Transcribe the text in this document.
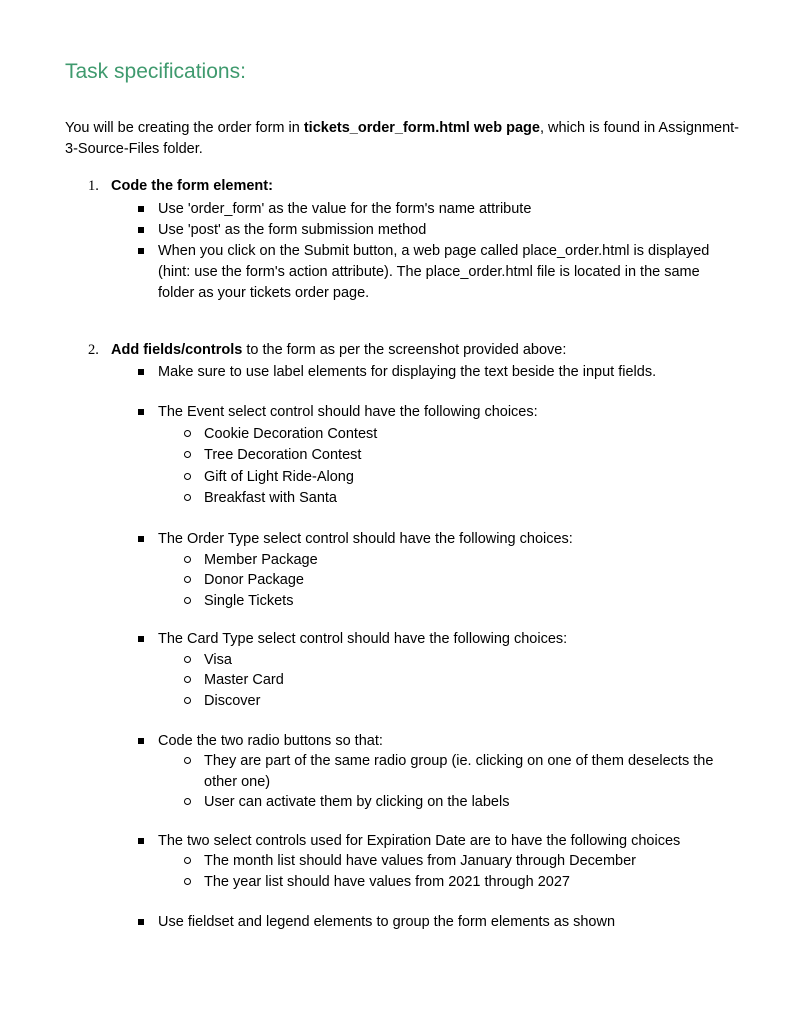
Task specifications:

You will be creating the order form in tickets_order_form.html web page, which is found in Assignment-3-Source-Files folder.

1. Code the form element:
Use 'order_form' as the value for the form's name attribute
Use 'post' as the form submission method
When you click on the Submit button, a web page called place_order.html is displayed (hint: use the form's action attribute). The place_order.html file is located in the same folder as your tickets order page.
2. Add fields/controls to the form as per the screenshot provided above:
Make sure to use label elements for displaying the text beside the input fields.
The Event select control should have the following choices:
Cookie Decoration Contest
Tree Decoration Contest
Gift of Light Ride-Along
Breakfast with Santa
The Order Type select control should have the following choices:
Member Package
Donor Package
Single Tickets
The Card Type select control should have the following choices:
Visa
Master Card
Discover
Code the two radio buttons so that:
They are part of the same radio group (ie. clicking on one of them deselects the other one)
User can activate them by clicking on the labels
The two select controls used for Expiration Date are to have the following choices
The month list should have values from January through December
The year list should have values from 2021 through 2027
Use fieldset and legend elements to group the form elements as shown
